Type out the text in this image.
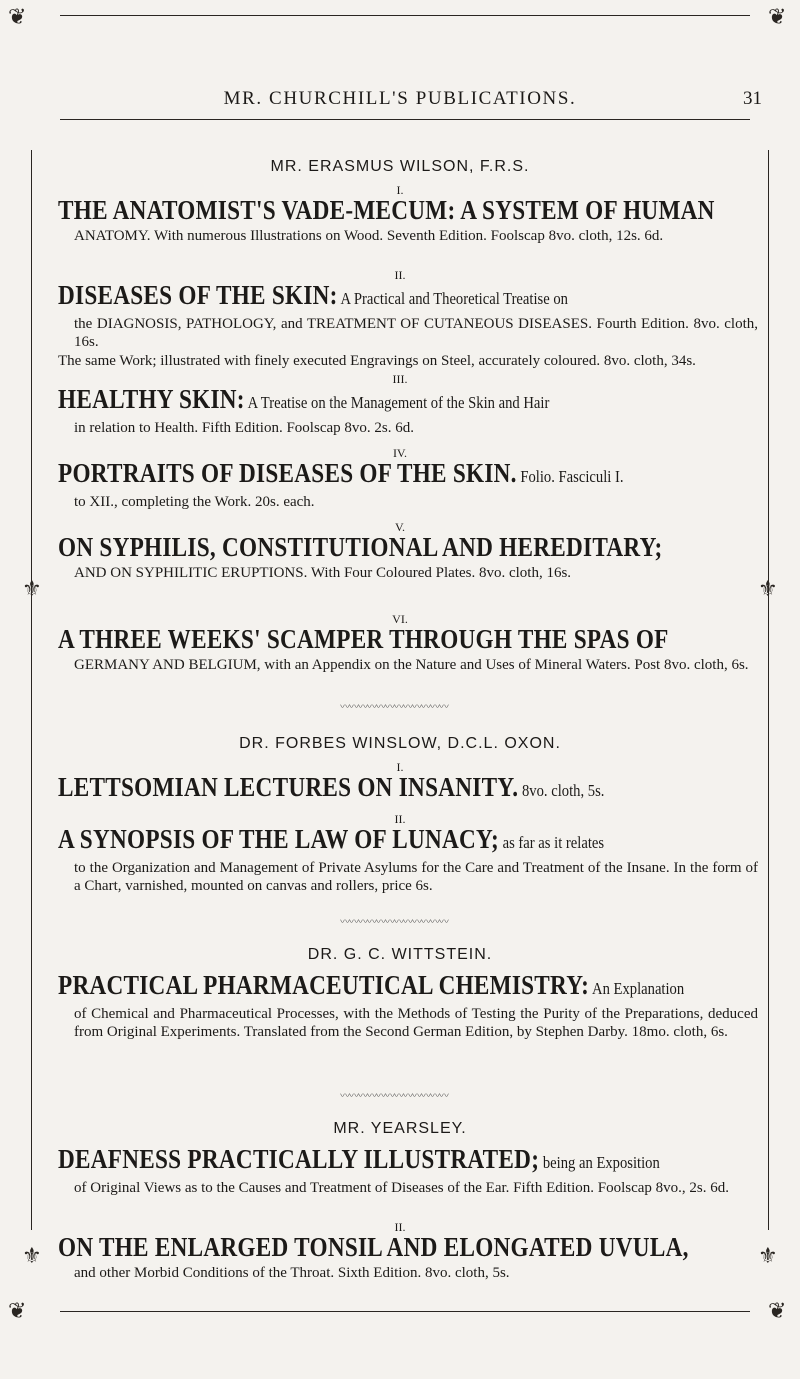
❦	❦
⚜	⚜
⚜	⚜
MR. CHURCHILL'S PUBLICATIONS.	31
MR. ERASMUS WILSON, F.R.S.
I.
THE ANATOMIST'S VADE-MECUM: A SYSTEM OF HUMAN
ANATOMY. With numerous Illustrations on Wood. Seventh Edition. Foolscap 8vo. cloth, 12s. 6d.
II.
DISEASES OF THE SKIN: A Practical and Theoretical Treatise on
the DIAGNOSIS, PATHOLOGY, and TREATMENT OF CUTANEOUS DISEASES. Fourth Edition. 8vo. cloth, 16s.
The same Work; illustrated with finely executed Engravings on Steel, accurately coloured. 8vo. cloth, 34s.
III.
HEALTHY SKIN: A Treatise on the Management of the Skin and Hair
in relation to Health. Fifth Edition. Foolscap 8vo. 2s. 6d.
IV.
PORTRAITS OF DISEASES OF THE SKIN. Folio. Fasciculi I.
to XII., completing the Work. 20s. each.
V.
ON SYPHILIS, CONSTITUTIONAL AND HEREDITARY;
AND ON SYPHILITIC ERUPTIONS. With Four Coloured Plates. 8vo. cloth, 16s.
VI.
A THREE WEEKS' SCAMPER THROUGH THE SPAS OF
GERMANY AND BELGIUM, with an Appendix on the Nature and Uses of Mineral Waters. Post 8vo. cloth, 6s.
〰〰〰〰〰〰〰〰〰〰〰〰
DR. FORBES WINSLOW, D.C.L. OXON.
I.
LETTSOMIAN LECTURES ON INSANITY. 8vo. cloth, 5s.
II.
A SYNOPSIS OF THE LAW OF LUNACY; as far as it relates
to the Organization and Management of Private Asylums for the Care and Treatment of the Insane. In the form of a Chart, varnished, mounted on canvas and rollers, price 6s.
〰〰〰〰〰〰〰〰〰〰〰〰
DR. G. C. WITTSTEIN.
PRACTICAL PHARMACEUTICAL CHEMISTRY: An Explanation
of Chemical and Pharmaceutical Processes, with the Methods of Testing the Purity of the Preparations, deduced from Original Experiments. Translated from the Second German Edition, by Stephen Darby. 18mo. cloth, 6s.
〰〰〰〰〰〰〰〰〰〰〰〰
MR. YEARSLEY.
DEAFNESS PRACTICALLY ILLUSTRATED; being an Exposition
of Original Views as to the Causes and Treatment of Diseases of the Ear. Fifth Edition. Foolscap 8vo., 2s. 6d.
II.
ON THE ENLARGED TONSIL AND ELONGATED UVULA,
and other Morbid Conditions of the Throat. Sixth Edition. 8vo. cloth, 5s.
❦	❦
